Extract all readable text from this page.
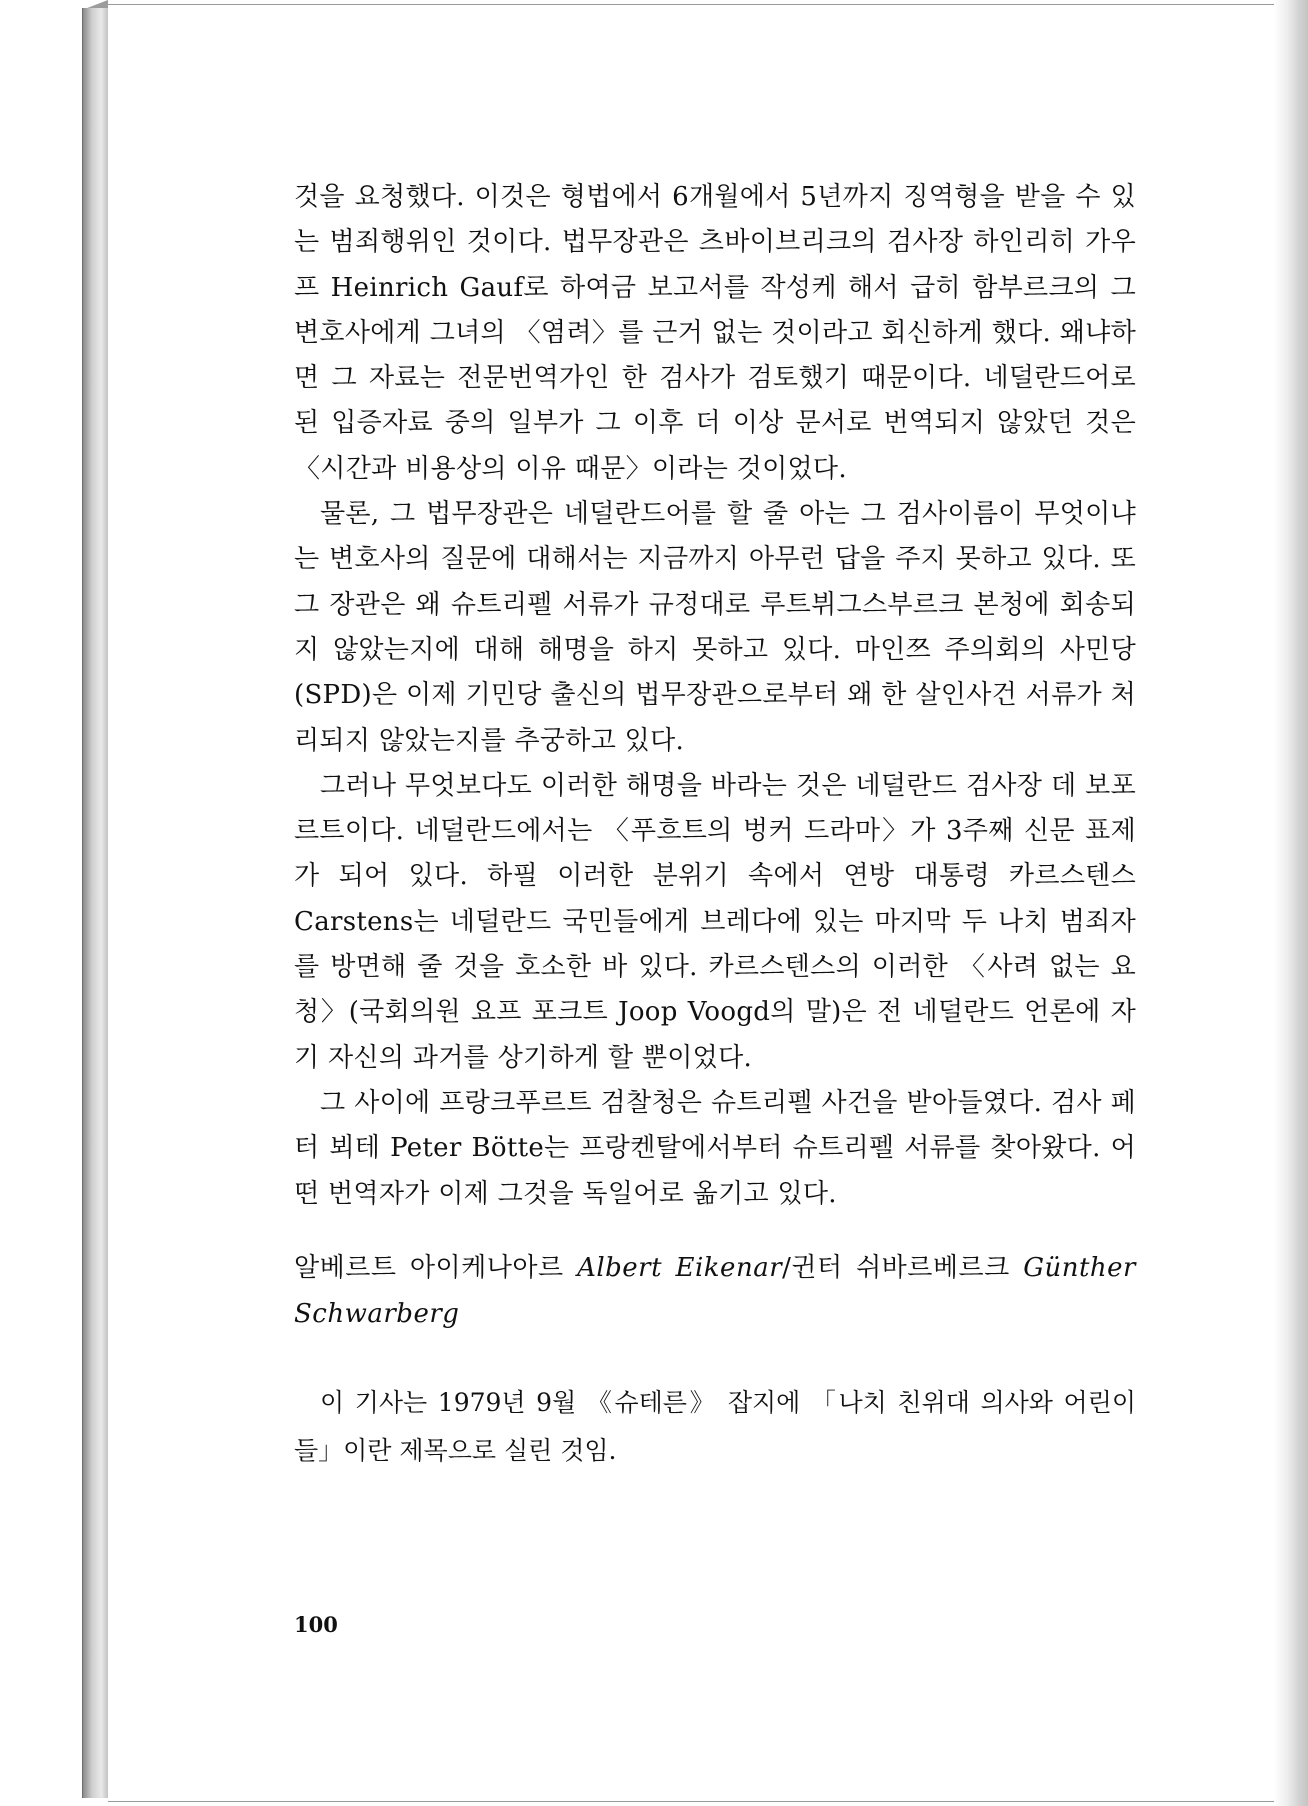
것을 요청했다. 이것은 형법에서 6개월에서 5년까지 징역형을 받을 수 있는 범죄행위인 것이다. 법무장관은 츠바이브리크의 검사장 하인리히 가우프 Heinrich Gauf로 하여금 보고서를 작성케 해서 급히 함부르크의 그 변호사에게 그녀의 〈염려〉를 근거 없는 것이라고 회신하게 했다. 왜냐하면 그 자료는 전문번역가인 한 검사가 검토했기 때문이다. 네덜란드어로 된 입증자료 중의 일부가 그 이후 더 이상 문서로 번역되지 않았던 것은 〈시간과 비용상의 이유 때문〉이라는 것이었다.

물론, 그 법무장관은 네덜란드어를 할 줄 아는 그 검사이름이 무엇이냐는 변호사의 질문에 대해서는 지금까지 아무런 답을 주지 못하고 있다. 또 그 장관은 왜 슈트리펠 서류가 규정대로 루트뷔그스부르크 본청에 회송되지 않았는지에 대해 해명을 하지 못하고 있다. 마인쯔 주의회의 사민당(SPD)은 이제 기민당 출신의 법무장관으로부터 왜 한 살인사건 서류가 처리되지 않았는지를 추궁하고 있다.

그러나 무엇보다도 이러한 해명을 바라는 것은 네덜란드 검사장 데 보포르트이다. 네덜란드에서는 〈푸흐트의 벙커 드라마〉가 3주째 신문 표제가 되어 있다. 하필 이러한 분위기 속에서 연방 대통령 카르스텐스 Carstens는 네덜란드 국민들에게 브레다에 있는 마지막 두 나치 범죄자를 방면해 줄 것을 호소한 바 있다. 카르스텐스의 이러한 〈사려 없는 요청〉(국회의원 요프 포크트 Joop Voogd의 말)은 전 네덜란드 언론에 자기 자신의 과거를 상기하게 할 뿐이었다.

그 사이에 프랑크푸르트 검찰청은 슈트리펠 사건을 받아들였다. 검사 페터 뵈테 Peter Bötte는 프랑켄탈에서부터 슈트리펠 서류를 찾아왔다. 어떤 번역자가 이제 그것을 독일어로 옮기고 있다.

알베르트 아이케나아르 Albert Eikenar/귄터 쉬바르베르크 Günther Schwarberg

이 기사는 1979년 9월 《슈테른》 잡지에 「나치 친위대 의사와 어린이들」이란 제목으로 실린 것임.

100
